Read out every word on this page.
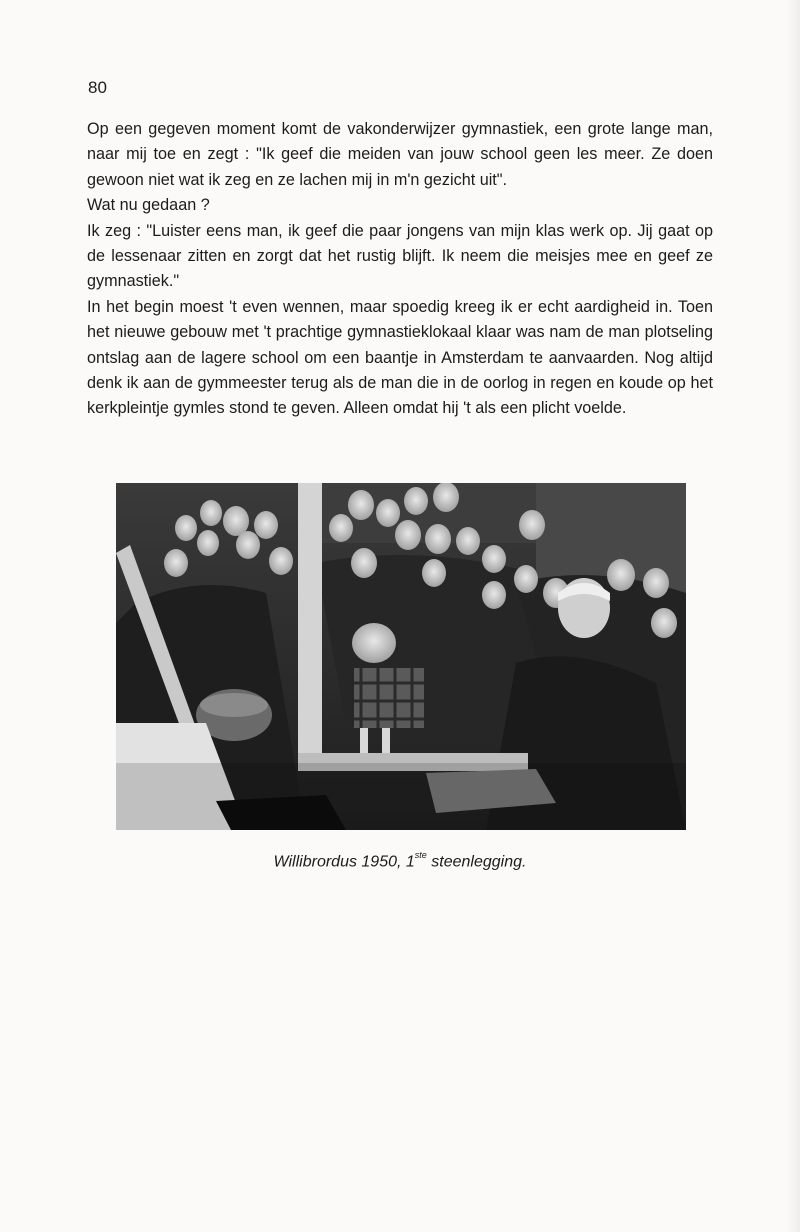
80

Op een gegeven moment komt de vakonderwijzer gymnastiek, een grote lange man, naar mij toe en zegt : "Ik geef die meiden van jouw school geen les meer. Ze doen gewoon niet wat ik zeg en ze lachen mij in m'n gezicht uit".

Wat nu gedaan ?

Ik zeg : "Luister eens man, ik geef die paar jongens van mijn klas werk op. Jij gaat op de lessenaar zitten en zorgt dat het rustig blijft. Ik neem die meisjes mee en geef ze gymnastiek."

In het begin moest 't even wennen, maar spoedig kreeg ik er echt aardigheid in. Toen het nieuwe gebouw met 't prachtige gymnastieklokaal klaar was nam de man plotseling ontslag aan de lagere school om een baantje in Amsterdam te aanvaarden. Nog altijd denk ik aan de gymmeester terug als de man die in de oorlog in regen en koude op het kerkpleintje gymles stond te geven. Alleen omdat hij 't als een plicht voelde.

Willibrordus 1950, 1ste steenlegging.
